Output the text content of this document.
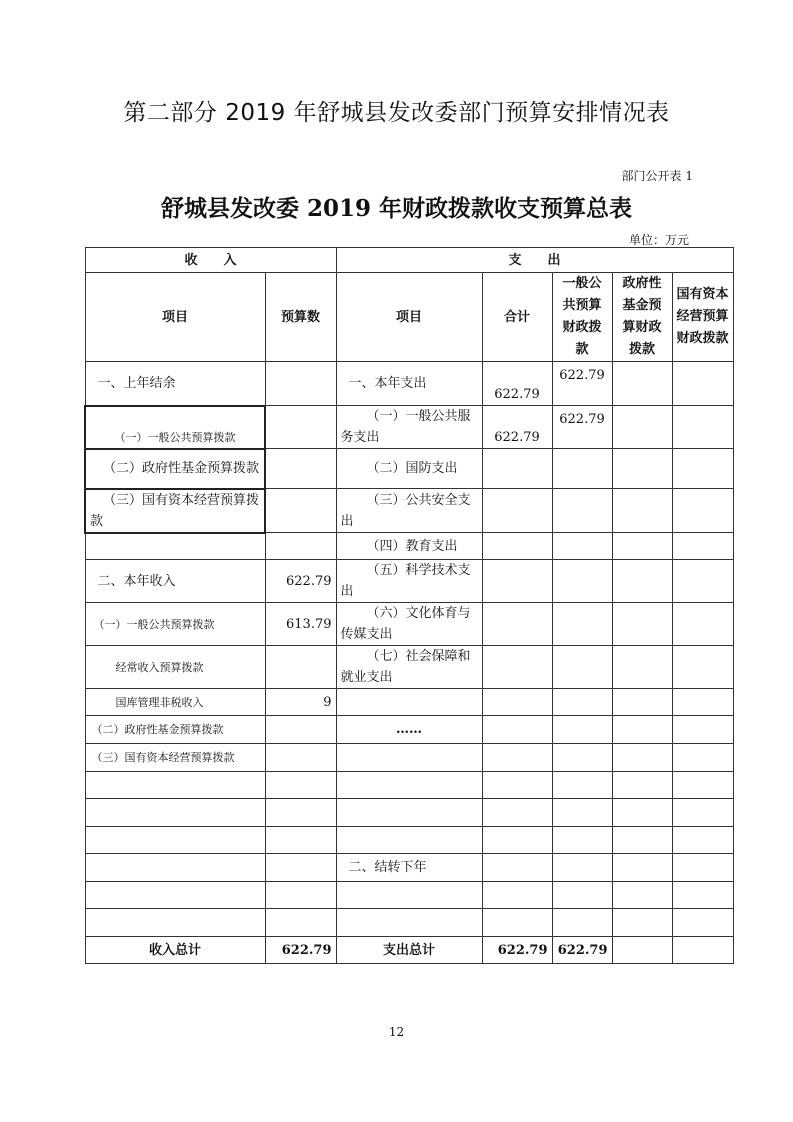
第二部分 2019 年舒城县发改委部门预算安排情况表
部门公开表 1
舒城县发改委 2019 年财政拨款收支预算总表
单位：万元
收　　入		支　　出				
项目	预算数	项目	合计	一般公共预算财政拨款	政府性基金预算财政拨款	国有资本经营预算财政拨款
一、上年结余		一、本年支出	622.79	622.79		
（一）一般公共预算拨款		（一）一般公共服务支出	622.79	622.79		
（二）政府性基金预算拨款		（二）国防支出				
（三）国有资本经营预算拨款		（三）公共安全支出				
		（四）教育支出				
二、本年收入	622.79	（五）科学技术支出				
（一）一般公共预算拨款	613.79	（六）文化体育与传媒支出				
经常收入预算拨款		（七）社会保障和就业支出				
国库管理非税收入	9					
（二）政府性基金预算拨款		……				
（三）国有资本经营预算拨款						

		二、结转下年				

收入总计	622.79	支出总计	622.79	622.79		
12
